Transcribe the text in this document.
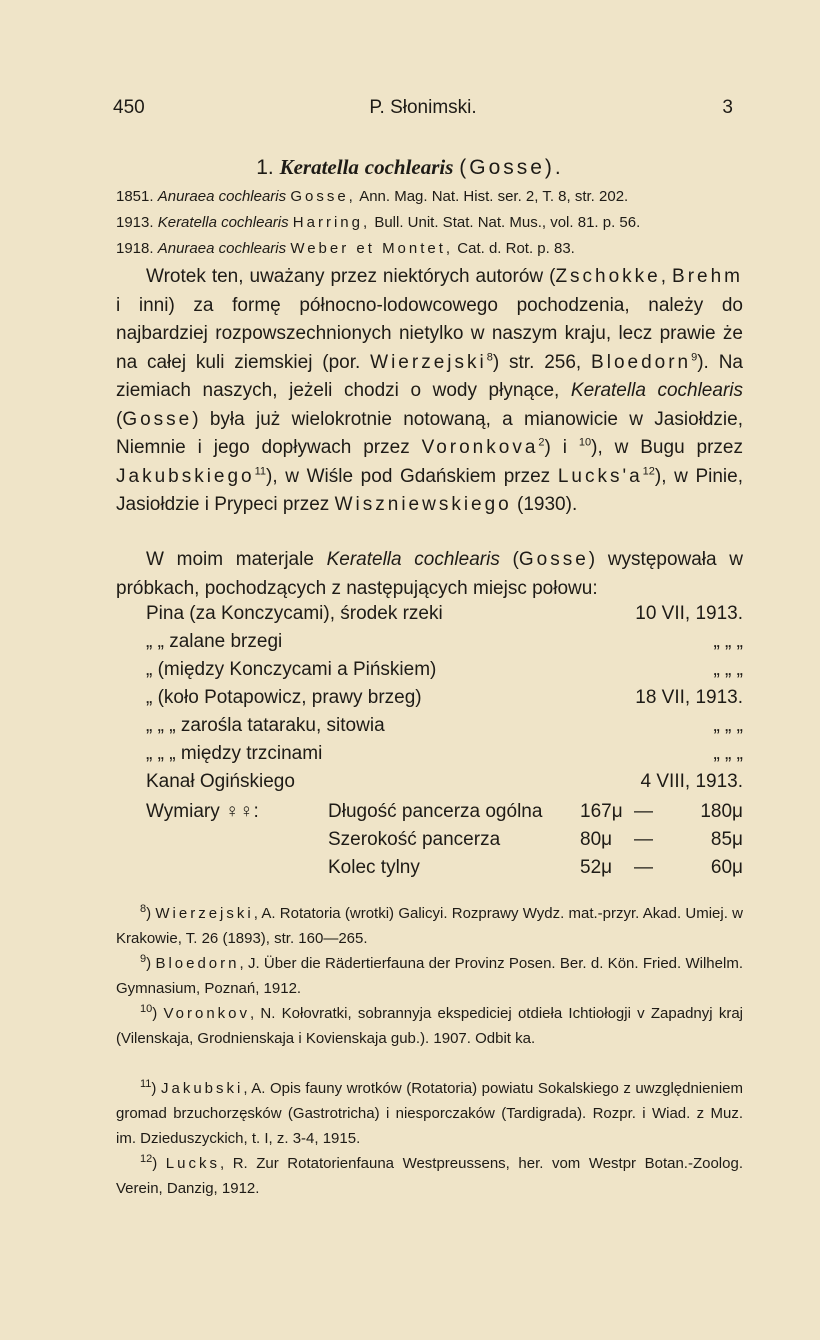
450	P. Słonimski.	3
1. Keratella cochlearis (Gosse).
1851. Anuraea cochlearis Gosse, Ann. Mag. Nat. Hist. ser. 2, T. 8, str. 202.
1913. Keratella cochlearis Harring, Bull. Unit. Stat. Nat. Mus., vol. 81. p. 56.
1918. Anuraea cochlearis Weber et Montet, Cat. d. Rot. p. 83.

Wrotek ten, uważany przez niektórych autorów (Zschokke, Brehm i inni) za formę północno-lodowcowego pochodzenia, należy do najbardziej rozpowszechnionych nietylko w naszym kraju, lecz prawie że na całej kuli ziemskiej (por. Wierzejski$^8$) str. 256, Bloedorn$^9$). Na ziemiach naszych, jeżeli chodzi o wody płynące, Keratella cochlearis (Gosse) była już wielokrotnie notowaną, a mianowicie w Jasiołdzie, Niemnie i jego dopływach przez Voronkova$^2$) i $^{10}$), w Bugu przez Jakubskiego$^{11}$), w Wiśle pod Gdańskiem przez $Lucks'a^{12}$), w Pinie, Jasiołdzie i Prypeci przez Wiszniewskiego (1930).

W moim materjale Keratella cochlearis (Gosse) występowała w próbkach, pochodzących z następujących miejsc połowu:

Pina (za Konczycami), środek rzeki	10 VII, 1913.
„ „ zalane brzegi	„ „ „
„ (między Konczycami a Pińskiem)	„ „ „
„ (koło Potapowicz, prawy brzeg)	18 VII, 1913.
„ „ „ zarośla tataraku, sitowia	„ „ „
„ „ „ między trzcinami	„ „ „
Kanał Ogińskiego	4 VIII, 1913.
Wymiary ♀♀:	Długość pancerza ogólna 167μ — 180μ
Szerokość pancerza	80μ —	85μ
Kolec tylny	52μ —	60μ

$^8$) Wierzejski, A. Rotatoria (wrotki) Galicyi. Rozprawy Wydz. mat.-przyr. Akad. Umiej. w Krakowie, T. 26 (1893), str. 160—265.

$^9$) Bloedorn, J. Über die Rädertierfauna der Provinz Posen. Ber. d. Kön. Fried. Wilhelm. Gymnasium, Poznań, 1912.

$^{10}$) Voronkov, N. Kołovratki, sobrannyja ekspediciej otdieła Ichtiołogji v Zapadnyj kraj (Vilenskaja, Grodnienskaja i Kovienskaja gub.). 1907. Odbit ka.

$^{11}$) Jakubski, A. Opis fauny wrotków (Rotatoria) powiatu Sokalskiego z uwzględnieniem gromad brzuchorzęsków (Gastrotricha) i niesporczaków (Tardigrada). Rozpr. i Wiad. z Muz. im. Dzieduszyckich, t. I, z. 3-4, 1915.

$^{12}$) Lucks, R. Zur Rotatorienfauna Westpreussens, her. vom Westpr Botan.-Zoolog. Verein, Danzig, 1912.
